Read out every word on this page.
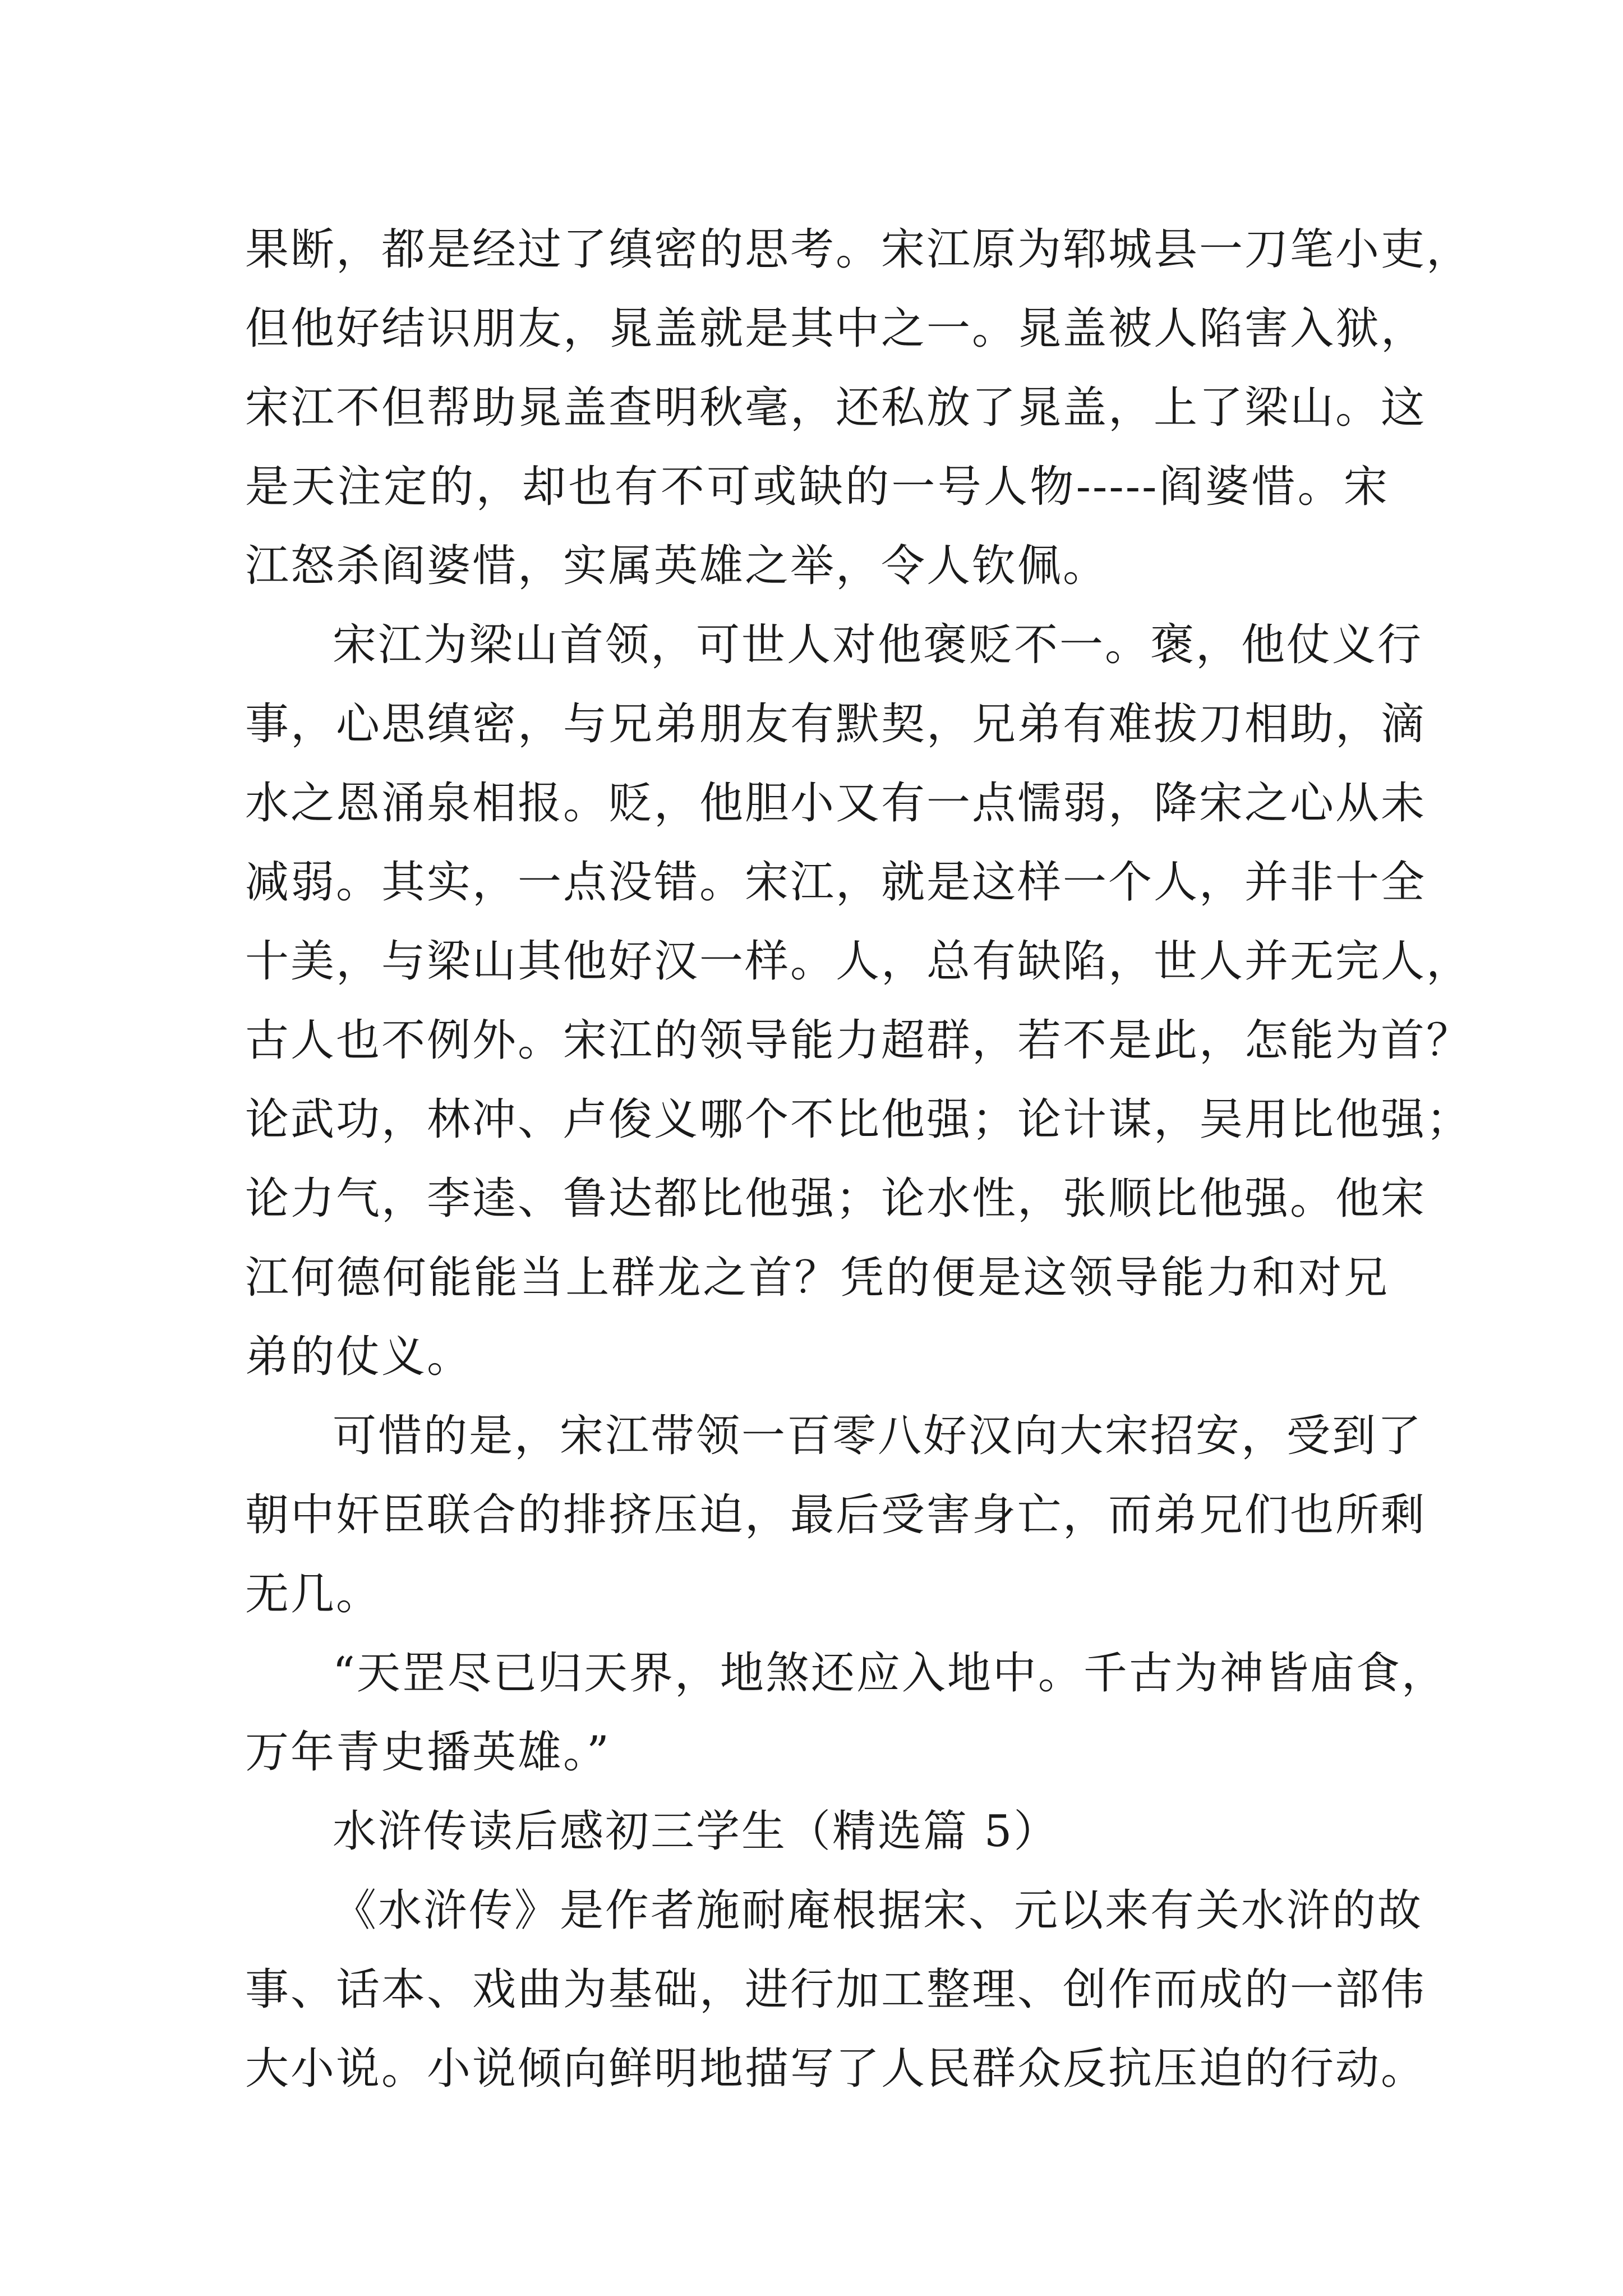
果断，都是经过了缜密的思考。宋江原为郓城县一刀笔小吏，
但他好结识朋友，晁盖就是其中之一。晁盖被人陷害入狱，
宋江不但帮助晁盖查明秋毫，还私放了晁盖，上了梁山。这
是天注定的，却也有不可或缺的一号人物-----阎婆惜。宋
江怒杀阎婆惜，实属英雄之举，令人钦佩。
宋江为梁山首领，可世人对他褒贬不一。褒，他仗义行
事，心思缜密，与兄弟朋友有默契，兄弟有难拔刀相助，滴
水之恩涌泉相报。贬，他胆小又有一点懦弱，降宋之心从未
减弱。其实，一点没错。宋江，就是这样一个人，并非十全
十美，与梁山其他好汉一样。人，总有缺陷，世人并无完人，
古人也不例外。宋江的领导能力超群，若不是此，怎能为首？
论武功，林冲、卢俊义哪个不比他强；论计谋，吴用比他强；
论力气，李逵、鲁达都比他强；论水性，张顺比他强。他宋
江何德何能能当上群龙之首？凭的便是这领导能力和对兄
弟的仗义。
可惜的是，宋江带领一百零八好汉向大宋招安，受到了
朝中奸臣联合的排挤压迫，最后受害身亡，而弟兄们也所剩
无几。
“天罡尽已归天界，地煞还应入地中。千古为神皆庙食，
万年青史播英雄。”
水浒传读后感初三学生（精选篇 5）
《水浒传》是作者施耐庵根据宋、元以来有关水浒的故
事、话本、戏曲为基础，进行加工整理、创作而成的一部伟
大小说。小说倾向鲜明地描写了人民群众反抗压迫的行动。
